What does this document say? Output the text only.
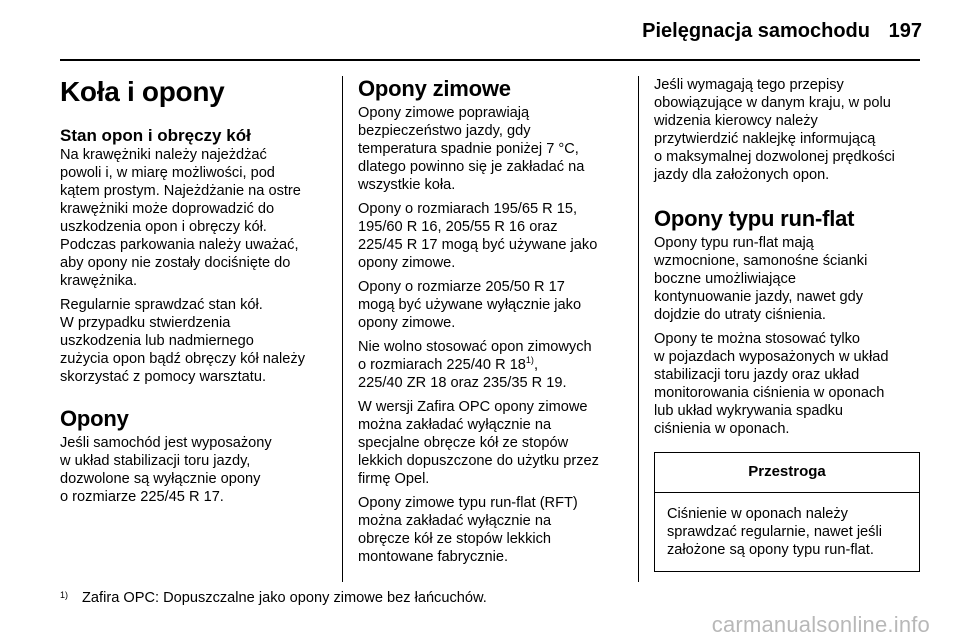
Pielęgnacja samochodu 197
Koła i opony
Stan opon i obręczy kół
Na krawężniki należy najeżdżać
powoli i, w miarę możliwości, pod
kątem prostym. Najeżdżanie na ostre
krawężniki może doprowadzić do
uszkodzenia opon i obręczy kół.
Podczas parkowania należy uważać,
aby opony nie zostały dociśnięte do
krawężnika.
Regularnie sprawdzać stan kół.
W przypadku stwierdzenia
uszkodzenia lub nadmiernego
zużycia opon bądź obręczy kół należy
skorzystać z pomocy warsztatu.
Opony
Jeśli samochód jest wyposażony
w układ stabilizacji toru jazdy,
dozwolone są wyłącznie opony
o rozmiarze 225/45 R 17.
Opony zimowe
Opony zimowe poprawiają
bezpieczeństwo jazdy, gdy
temperatura spadnie poniżej 7 °C,
dlatego powinno się je zakładać na
wszystkie koła.
Opony o rozmiarach 195/65 R 15,
195/60 R 16, 205/55 R 16 oraz
225/45 R 17 mogą być używane jako
opony zimowe.
Opony o rozmiarze 205/50 R 17
mogą być używane wyłącznie jako
opony zimowe.
Nie wolno stosować opon zimowych
o rozmiarach 225/40 R 18$^{1)}$,
225/40 ZR 18 oraz 235/35 R 19.
W wersji Zafira OPC opony zimowe
można zakładać wyłącznie na
specjalne obręcze kół ze stopów
lekkich dopuszczone do użytku przez
firmę Opel.
Opony zimowe typu run-flat (RFT)
można zakładać wyłącznie na
obręcze kół ze stopów lekkich
montowane fabrycznie.
Jeśli wymagają tego przepisy
obowiązujące w danym kraju, w polu
widzenia kierowcy należy
przytwierdzić naklejkę informującą
o maksymalnej dozwolonej prędkości
jazdy dla założonych opon.
Opony typu run-flat
Opony typu run-flat mają
wzmocnione, samonośne ścianki
boczne umożliwiające
kontynuowanie jazdy, nawet gdy
dojdzie do utraty ciśnienia.
Opony te można stosować tylko
w pojazdach wyposażonych w układ
stabilizacji toru jazdy oraz układ
monitorowania ciśnienia w oponach
lub układ wykrywania spadku
ciśnienia w oponach.
Przestroga
Ciśnienie w oponach należy
sprawdzać regularnie, nawet jeśli
założone są opony typu run-flat.
$^{1)}$ Zafira OPC: Dopuszczalne jako opony zimowe bez łańcuchów.
carmanualsonline.info
